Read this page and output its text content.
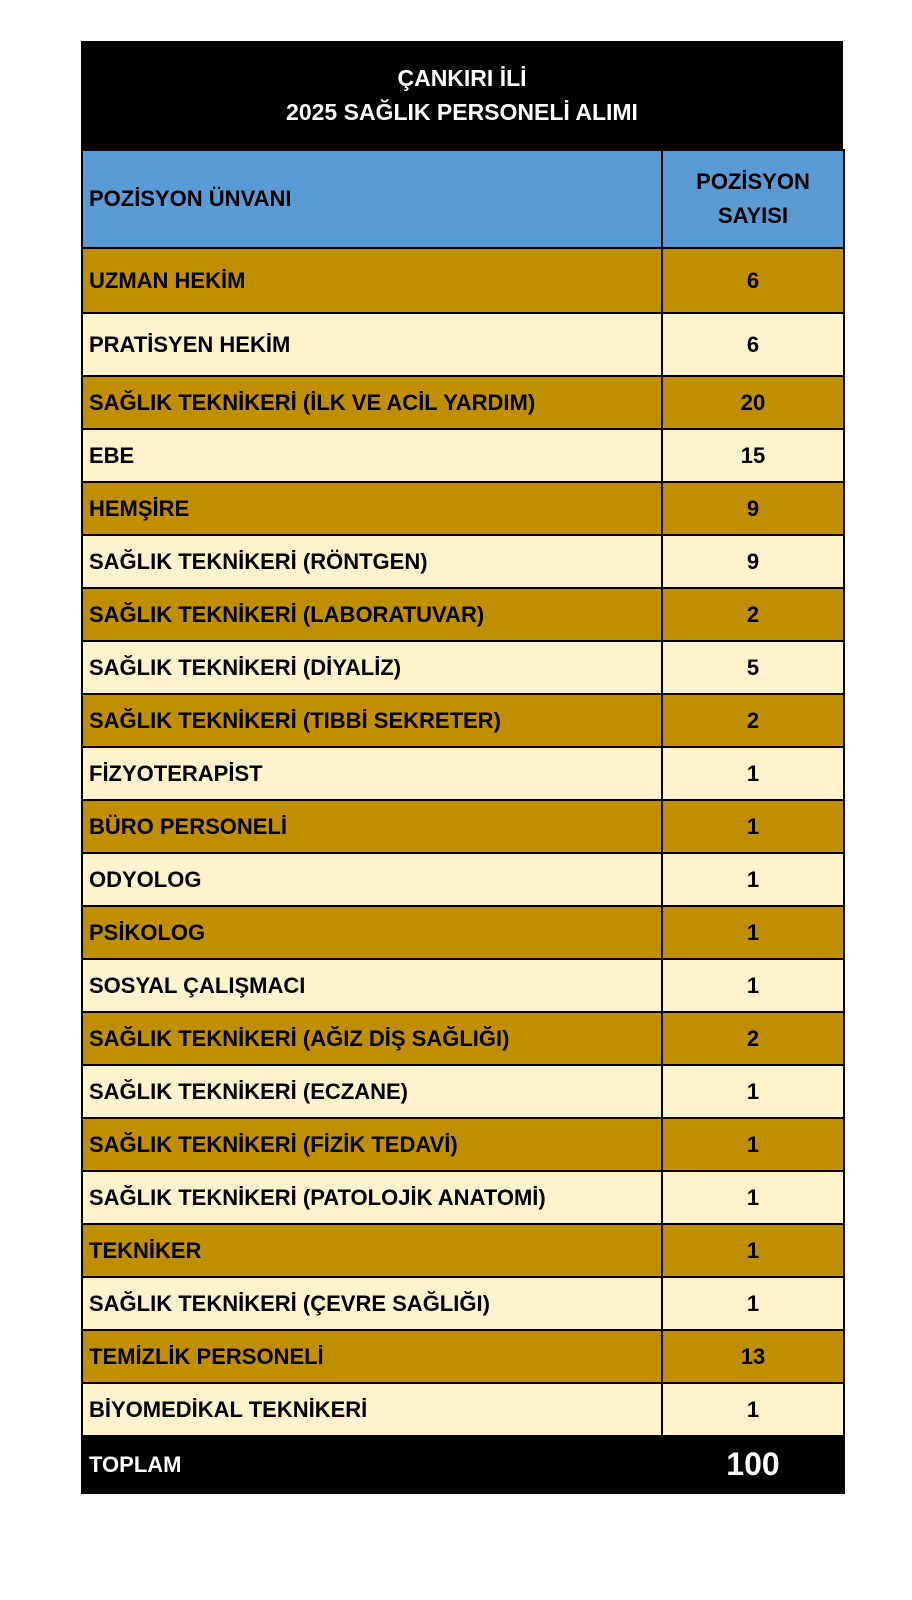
ÇANKIRI İLİ
2025 SAĞLIK PERSONELİ ALIMI
POZİSYON ÜNVANI	POZİSYON
SAYISI

UZMAN HEKİM	6
PRATİSYEN HEKİM	6
SAĞLIK TEKNİKERİ (İLK VE ACİL YARDIM)	20
EBE	15
HEMŞİRE	9
SAĞLIK TEKNİKERİ (RÖNTGEN)	9
SAĞLIK TEKNİKERİ (LABORATUVAR)	2
SAĞLIK TEKNİKERİ (DİYALİZ)	5
SAĞLIK TEKNİKERİ (TIBBİ SEKRETER)	2
FİZYOTERAPİST	1
BÜRO PERSONELİ	1
ODYOLOG	1
PSİKOLOG	1
SOSYAL ÇALIŞMACI	1
SAĞLIK TEKNİKERİ (AĞIZ DİŞ SAĞLIĞI)	2
SAĞLIK TEKNİKERİ (ECZANE)	1
SAĞLIK TEKNİKERİ (FİZİK TEDAVİ)	1
SAĞLIK TEKNİKERİ (PATOLOJİK ANATOMİ)	1
TEKNİKER	1
SAĞLIK TEKNİKERİ (ÇEVRE SAĞLIĞI)	1
TEMİZLİK PERSONELİ	13
BİYOMEDİKAL TEKNİKERİ	1
TOPLAM	100
